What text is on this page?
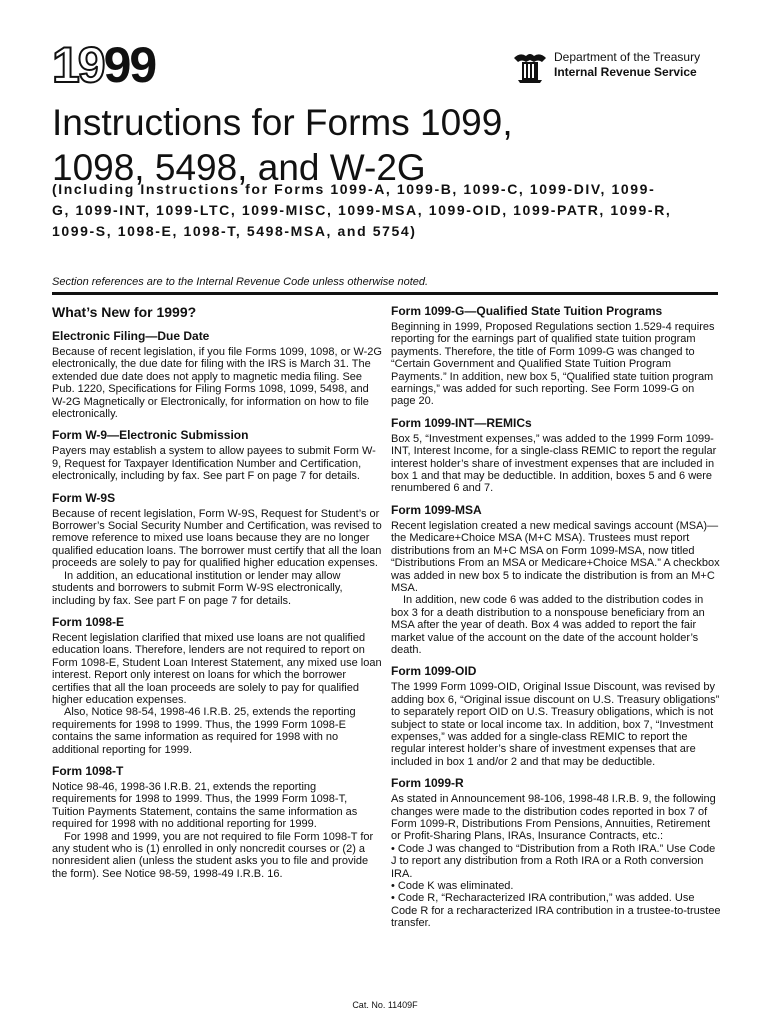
19 99	Department of the Treasury
Internal Revenue Service
Instructions for Forms 1099,
1098, 5498, and W-2G

(Including Instructions for Forms 1099-A, 1099-B, 1099-C, 1099-DIV, 1099-G, 1099-INT, 1099-LTC, 1099-MISC, 1099-MSA, 1099-OID, 1099-PATR, 1099-R, 1099-S, 1098-E, 1098-T, 5498-MSA, and 5754)

Section references are to the Internal Revenue Code unless otherwise noted.

What’s New for 1999?
Electronic Filing—Due Date

Because of recent legislation, if you file Forms 1099, 1098, or W-2G electronically, the due date for filing with the IRS is March 31. The extended due date does not apply to magnetic media filing. See Pub. 1220, Specifications for Filing Forms 1098, 1099, 5498, and W-2G Magnetically or Electronically, for information on how to file electronically.

Form W-9—Electronic Submission

Payers may establish a system to allow payees to submit Form W-9, Request for Taxpayer Identification Number and Certification, electronically, including by fax. See part F on page 7 for details.

Form W-9S

Because of recent legislation, Form W-9S, Request for Student’s or Borrower’s Social Security Number and Certification, was revised to remove reference to mixed use loans because they are no longer qualified education loans. The borrower must certify that all the loan proceeds are solely to pay for qualified higher education expenses.

In addition, an educational institution or lender may allow students and borrowers to submit Form W-9S electronically, including by fax. See part F on page 7 for details.

Form 1098-E

Recent legislation clarified that mixed use loans are not qualified education loans. Therefore, lenders are not required to report on Form 1098-E, Student Loan Interest Statement, any mixed use loan interest. Report only interest on loans for which the borrower certifies that all the loan proceeds are solely to pay for qualified higher education expenses.

Also, Notice 98-54, 1998-46 I.R.B. 25, extends the reporting requirements for 1998 to 1999. Thus, the 1999 Form 1098-E contains the same information as required for 1998 with no additional reporting for 1999.

Form 1098-T

Notice 98-46, 1998-36 I.R.B. 21, extends the reporting requirements for 1998 to 1999. Thus, the 1999 Form 1098-T, Tuition Payments Statement, contains the same information as required for 1998 with no additional reporting for 1999.

For 1998 and 1999, you are not required to file Form 1098-T for any student who is (1) enrolled in only noncredit courses or (2) a nonresident alien (unless the student asks you to file and provide the form). See Notice 98-59, 1998-49 I.R.B. 16.

Form 1099-G—Qualified State Tuition Programs

Beginning in 1999, Proposed Regulations section 1.529-4 requires reporting for the earnings part of qualified state tuition program payments. Therefore, the title of Form 1099-G was changed to “Certain Government and Qualified State Tuition Program Payments.” In addition, new box 5, “Qualified state tuition program earnings,” was added for such reporting. See Form 1099-G on page 20.

Form 1099-INT—REMICs

Box 5, “Investment expenses,” was added to the 1999 Form 1099-INT, Interest Income, for a single-class REMIC to report the regular interest holder’s share of investment expenses that are included in box 1 and that may be deductible. In addition, boxes 5 and 6 were renumbered 6 and 7.

Form 1099-MSA

Recent legislation created a new medical savings account (MSA)—the Medicare+Choice MSA (M+C MSA). Trustees must report distributions from an M+C MSA on Form 1099-MSA, now titled “Distributions From an MSA or Medicare+Choice MSA.” A checkbox was added in new box 5 to indicate the distribution is from an M+C MSA.

In addition, new code 6 was added to the distribution codes in box 3 for a death distribution to a nonspouse beneficiary from an MSA after the year of death. Box 4 was added to report the fair market value of the account on the date of the account holder’s death.

Form 1099-OID

The 1999 Form 1099-OID, Original Issue Discount, was revised by adding box 6, “Original issue discount on U.S. Treasury obligations” to separately report OID on U.S. Treasury obligations, which is not subject to state or local income tax. In addition, box 7, “Investment expenses,” was added for a single-class REMIC to report the regular interest holder’s share of investment expenses that are included in box 1 and/or 2 and that may be deductible.

Form 1099-R

As stated in Announcement 98-106, 1998-48 I.R.B. 9, the following changes were made to the distribution codes reported in box 7 of Form 1099-R, Distributions From Pensions, Annuities, Retirement or Profit-Sharing Plans, IRAs, Insurance Contracts, etc.:

• Code J was changed to “Distribution from a Roth IRA.” Use Code J to report any distribution from a Roth IRA or a Roth conversion IRA.

• Code K was eliminated.

• Code R, “Recharacterized IRA contribution,” was added. Use Code R for a recharacterized IRA contribution in a trustee-to-trustee transfer.

Cat. No. 11409F
